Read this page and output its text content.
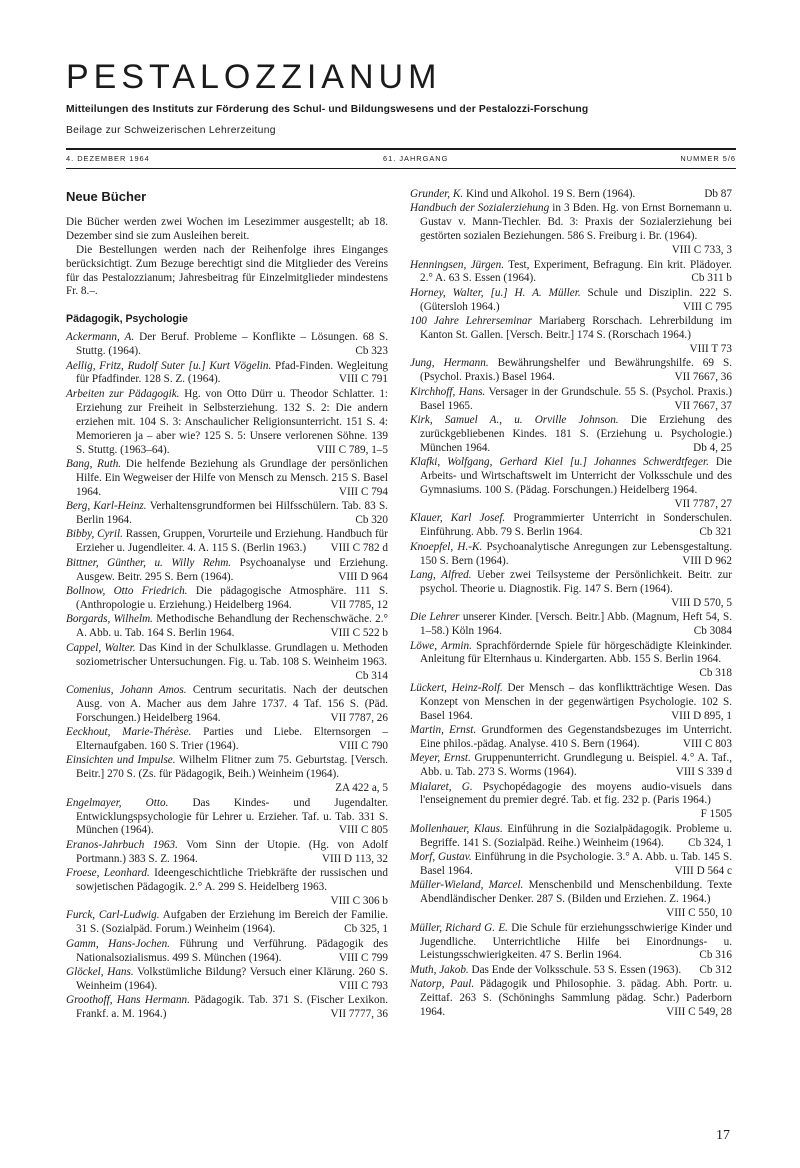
PESTALOZZIANUM
Mitteilungen des Instituts zur Förderung des Schul- und Bildungswesens und der Pestalozzi-Forschung
Beilage zur Schweizerischen Lehrerzeitung
4. DEZEMBER 1964	61. JAHRGANG	NUMMER 5/6
Neue Bücher

Die Bücher werden zwei Wochen im Lesezimmer ausgestellt; ab 18. Dezember sind sie zum Ausleihen bereit.

Die Bestellungen werden nach der Reihenfolge ihres Einganges berücksichtigt. Zum Bezuge berechtigt sind die Mitglieder des Vereins für das Pestalozzianum; Jahresbeitrag für Einzelmitglieder mindestens Fr. 8.–.

Pädagogik, Psychologie

Ackermann, A. Der Beruf. Probleme – Konflikte – Lösungen. 68 S. Stuttg. (1964).	Cb 323

Aellig, Fritz, Rudolf Suter [u.] Kurt Vögelin. Pfad-Finden. Wegleitung für Pfadfinder. 128 S. Z. (1964).	VIII C 791

Arbeiten zur Pädagogik. Hg. von Otto Dürr u. Theodor Schlatter. 1: Erziehung zur Freiheit in Selbsterziehung. 132 S. 2: Die andern erziehen mit. 104 S. 3: Anschaulicher Religionsunterricht. 151 S. 4: Memorieren ja – aber wie? 125 S. 5: Unsere verlorenen Söhne. 139 S. Stuttg. (1963–64).	VIII C 789, 1–5

Bang, Ruth. Die helfende Beziehung als Grundlage der persönlichen Hilfe. Ein Wegweiser der Hilfe von Mensch zu Mensch. 215 S. Basel 1964.	VIII C 794

Berg, Karl-Heinz. Verhaltensgrundformen bei Hilfsschülern. Tab. 83 S. Berlin 1964.	Cb 320

Bibby, Cyril. Rassen, Gruppen, Vorurteile und Erziehung. Handbuch für Erzieher u. Jugendleiter. 4. A. 115 S. (Berlin 1963.)	VIII C 782 d

Bittner, Günther, u. Willy Rehm. Psychoanalyse und Erziehung. Ausgew. Beitr. 295 S. Bern (1964).	VIII D 964

Bollnow, Otto Friedrich. Die pädagogische Atmosphäre. 111 S. (Anthropologie u. Erziehung.) Heidelberg 1964.	VII 7785, 12

Borgards, Wilhelm. Methodische Behandlung der Rechenschwäche. 2.° A. Abb. u. Tab. 164 S. Berlin 1964.	VIII C 522 b

Cappel, Walter. Das Kind in der Schulklasse. Grundlagen u. Methoden soziometrischer Untersuchungen. Fig. u. Tab. 108 S. Weinheim 1963.
Cb 314

Comenius, Johann Amos. Centrum securitatis. Nach der deutschen Ausg. von A. Macher aus dem Jahre 1737. 4 Taf. 156 S. (Päd. Forschungen.) Heidelberg 1964.	VII 7787, 26

Eeckhout, Marie-Thérèse. Parties und Liebe. Elternsorgen – Elternaufgaben. 160 S. Trier (1964).	VIII C 790

Einsichten und Impulse. Wilhelm Flitner zum 75. Geburtstag. [Versch. Beitr.] 270 S. (Zs. für Pädagogik, Beih.) Weinheim (1964).
ZA 422 a, 5

Engelmayer, Otto. Das Kindes- und Jugendalter. Entwicklungspsychologie für Lehrer u. Erzieher. Taf. u. Tab. 331 S. München (1964).	VIII C 805

Eranos-Jahrbuch 1963. Vom Sinn der Utopie. (Hg. von Adolf Portmann.) 383 S. Z. 1964.	VIII D 113, 32

Froese, Leonhard. Ideengeschichtliche Triebkräfte der russischen und sowjetischen Pädagogik. 2.° A. 299 S. Heidelberg 1963.
VIII C 306 b

Furck, Carl-Ludwig. Aufgaben der Erziehung im Bereich der Familie. 31 S. (Sozialpäd. Forum.) Weinheim (1964).	Cb 325, 1

Gamm, Hans-Jochen. Führung und Verführung. Pädagogik des Nationalsozialismus. 499 S. München (1964).	VIII C 799

Glöckel, Hans. Volkstümliche Bildung? Versuch einer Klärung. 260 S. Weinheim (1964).	VIII C 793

Groothoff, Hans Hermann. Pädagogik. Tab. 371 S. (Fischer Lexikon. Frankf. a. M. 1964.)	VII 7777, 36

Grunder, K. Kind und Alkohol. 19 S. Bern (1964).	Db 87

Handbuch der Sozialerziehung in 3 Bden. Hg. von Ernst Bornemann u. Gustav v. Mann-Tiechler. Bd. 3: Praxis der Sozialerziehung bei gestörten sozialen Beziehungen. 586 S. Freiburg i. Br. (1964).
VIII C 733, 3

Henningsen, Jürgen. Test, Experiment, Befragung. Ein krit. Plädoyer. 2.° A. 63 S. Essen (1964).	Cb 311 b

Horney, Walter, [u.] H. A. Müller. Schule und Disziplin. 222 S. (Gütersloh 1964.)	VIII C 795

100 Jahre Lehrerseminar Mariaberg Rorschach. Lehrerbildung im Kanton St. Gallen. [Versch. Beitr.] 174 S. (Rorschach 1964.)
VIII T 73

Jung, Hermann. Bewährungshelfer und Bewährungshilfe. 69 S. (Psychol. Praxis.) Basel 1964.	VII 7667, 36

Kirchhoff, Hans. Versager in der Grundschule. 55 S. (Psychol. Praxis.) Basel 1965.	VII 7667, 37

Kirk, Samuel A., u. Orville Johnson. Die Erziehung des zurückgebliebenen Kindes. 181 S. (Erziehung u. Psychologie.) München 1964.	Db 4, 25

Klafki, Wolfgang, Gerhard Kiel [u.] Johannes Schwerdtfeger. Die Arbeits- und Wirtschaftswelt im Unterricht der Volksschule und des Gymnasiums. 100 S. (Pädag. Forschungen.) Heidelberg 1964.
VII 7787, 27

Klauer, Karl Josef. Programmierter Unterricht in Sonderschulen. Einführung. Abb. 79 S. Berlin 1964.	Cb 321

Knoepfel, H.-K. Psychoanalytische Anregungen zur Lebensgestaltung. 150 S. Bern (1964).	VIII D 962

Lang, Alfred. Ueber zwei Teilsysteme der Persönlichkeit. Beitr. zur psychol. Theorie u. Diagnostik. Fig. 147 S. Bern (1964).
VIII D 570, 5

Die Lehrer unserer Kinder. [Versch. Beitr.] Abb. (Magnum, Heft 54, S. 1–58.) Köln 1964.	Cb 3084

Löwe, Armin. Sprachfördernde Spiele für hörgeschädigte Kleinkinder. Anleitung für Elternhaus u. Kindergarten. Abb. 155 S. Berlin 1964.
Cb 318

Lückert, Heinz-Rolf. Der Mensch – das konfliktträchtige Wesen. Das Konzept von Menschen in der gegenwärtigen Psychologie. 102 S. Basel 1964.	VIII D 895, 1

Martin, Ernst. Grundformen des Gegenstandsbezuges im Unterricht. Eine philos.-pädag. Analyse. 410 S. Bern (1964).	VIII C 803

Meyer, Ernst. Gruppenunterricht. Grundlegung u. Beispiel. 4.° A. Taf., Abb. u. Tab. 273 S. Worms (1964).	VIII S 339 d

Mialaret, G. Psychopédagogie des moyens audio-visuels dans l'enseignement du premier degré. Tab. et fig. 232 p. (Paris 1964.)
F 1505

Mollenhauer, Klaus. Einführung in die Sozialpädagogik. Probleme u. Begriffe. 141 S. (Sozialpäd. Reihe.) Weinheim (1964).	Cb 324, 1

Morf, Gustav. Einführung in die Psychologie. 3.° A. Abb. u. Tab. 145 S. Basel 1964.	VIII D 564 c

Müller-Wieland, Marcel. Menschenbild und Menschenbildung. Texte Abendländischer Denker. 287 S. (Bilden und Erziehen. Z. 1964.)
VIII C 550, 10

Müller, Richard G. E. Die Schule für erziehungsschwierige Kinder und Jugendliche. Unterrichtliche Hilfe bei Einordnungs- u. Leistungsschwierigkeiten. 47 S. Berlin 1964.	Cb 316

Muth, Jakob. Das Ende der Volksschule. 53 S. Essen (1963).	Cb 312

Natorp, Paul. Pädagogik und Philosophie. 3. pädag. Abh. Portr. u. Zeittaf. 263 S. (Schöninghs Sammlung pädag. Schr.) Paderborn 1964.	VIII C 549, 28

17
